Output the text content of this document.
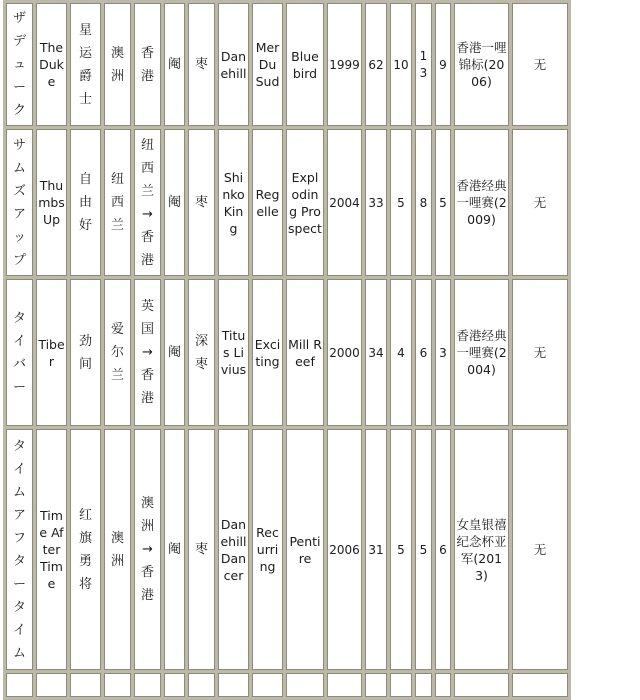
ザデューク	The Duke	星运爵士	澳洲	香港	阉	枣	Danehill	Mer Du Sud	Bluebird	1999	62	10	13	9	香港一哩锦标(2006)	无
サムズアップ	Thumbs Up	自由好	纽西兰	纽西兰→香港	阉	枣	Shinko King	Regelle	Exploding Prospect	2004	33	5	8	5	香港经典一哩赛(2009)	无
タイバー	Tiber	劲间	爱尔兰	英国→香港	阉	深枣	Titus Livius	Exciting	Mill Reef	2000	34	4	6	3	香港经典一哩赛(2004)	无
タイムアフタータイム	Time After Time	红旗勇将	澳洲	澳洲→香港	阉	枣	Danehill Dancer	Recurring	Pentire	2006	31	5	5	6	女皇银禧纪念杯亚军(2013)	无
